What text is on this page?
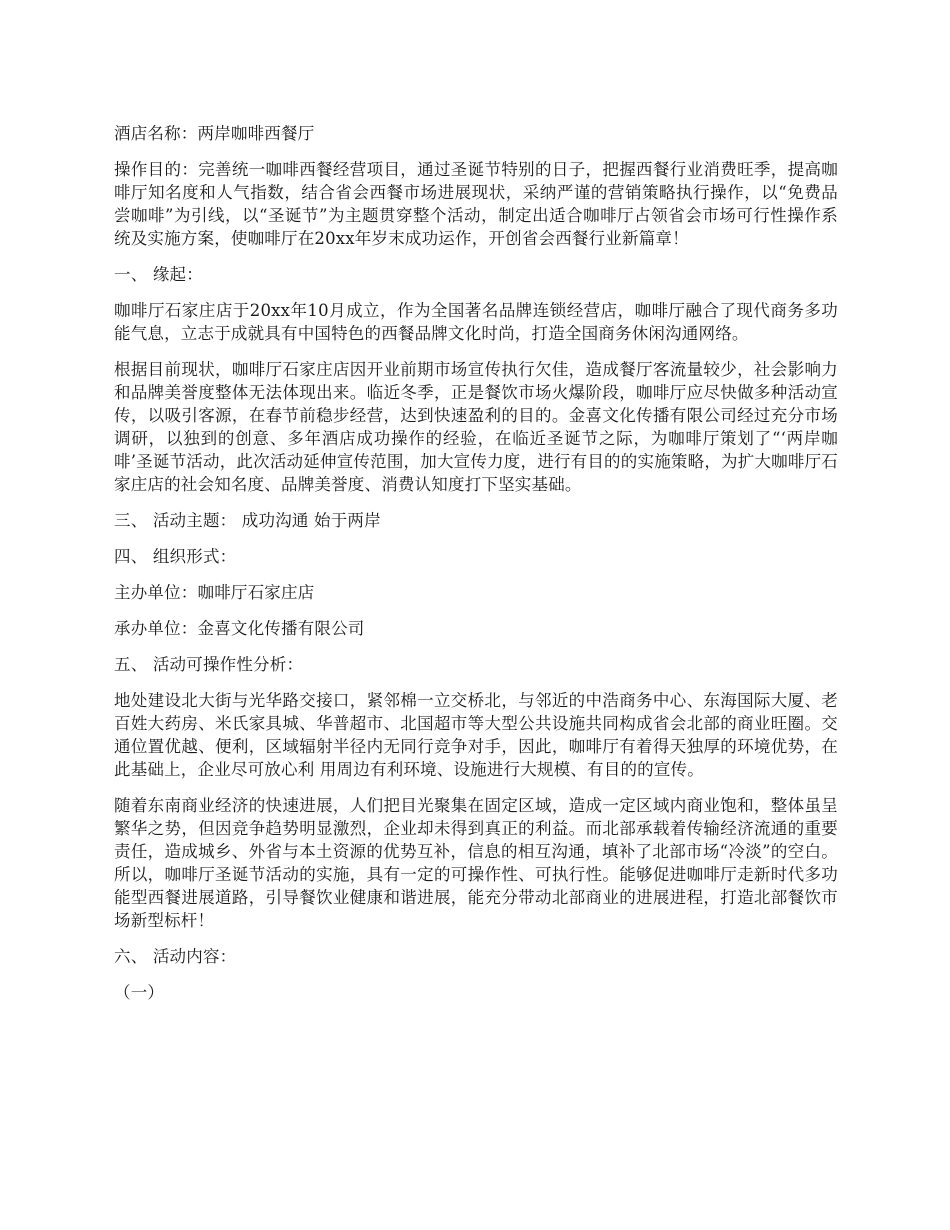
酒店名称：两岸咖啡西餐厅

操作目的：完善统一咖啡西餐经营项目，通过圣诞节特别的日子，把握西餐行业消费旺季，提高咖啡厅知名度和人气指数，结合省会西餐市场进展现状，采纳严谨的营销策略执行操作，以“免费品尝咖啡”为引线，以“圣诞节”为主题贯穿整个活动，制定出适合咖啡厅占领省会市场可行性操作系统及实施方案，使咖啡厅在20xx年岁末成功运作，开创省会西餐行业新篇章！

一、 缘起：

咖啡厅石家庄店于20xx年10月成立，作为全国著名品牌连锁经营店，咖啡厅融合了现代商务多功能气息，立志于成就具有中国特色的西餐品牌文化时尚，打造全国商务休闲沟通网络。

根据目前现状，咖啡厅石家庄店因开业前期市场宣传执行欠佳，造成餐厅客流量较少，社会影响力和品牌美誉度整体无法体现出来。临近冬季，正是餐饮市场火爆阶段，咖啡厅应尽快做多种活动宣传，以吸引客源，在春节前稳步经营，达到快速盈利的目的。金喜文化传播有限公司经过充分市场调研，以独到的创意、多年酒店成功操作的经验，在临近圣诞节之际，为咖啡厅策划了“‘两岸咖啡’圣诞节活动，此次活动延伸宣传范围，加大宣传力度，进行有目的的实施策略，为扩大咖啡厅石家庄店的社会知名度、品牌美誉度、消费认知度打下坚实基础。

三、 活动主题： 成功沟通 始于两岸

四、 组织形式：

主办单位：咖啡厅石家庄店

承办单位：金喜文化传播有限公司

五、 活动可操作性分析：

地处建设北大街与光华路交接口，紧邻棉一立交桥北，与邻近的中浩商务中心、东海国际大厦、老百姓大药房、米氏家具城、华普超市、北国超市等大型公共设施共同构成省会北部的商业旺圈。交通位置优越、便利，区域辐射半径内无同行竞争对手，因此，咖啡厅有着得天独厚的环境优势，在此基础上，企业尽可放心利 用周边有利环境、设施进行大规模、有目的的宣传。

随着东南商业经济的快速进展，人们把目光聚集在固定区域，造成一定区域内商业饱和，整体虽呈繁华之势，但因竞争趋势明显激烈，企业却未得到真正的利益。而北部承载着传输经济流通的重要责任，造成城乡、外省与本土资源的优势互补，信息的相互沟通，填补了北部市场“冷淡”的空白。所以，咖啡厅圣诞节活动的实施，具有一定的可操作性、可执行性。能够促进咖啡厅走新时代多功能型西餐进展道路，引导餐饮业健康和谐进展，能充分带动北部商业的进展进程，打造北部餐饮市场新型标杆！

六、 活动内容：

（一）
